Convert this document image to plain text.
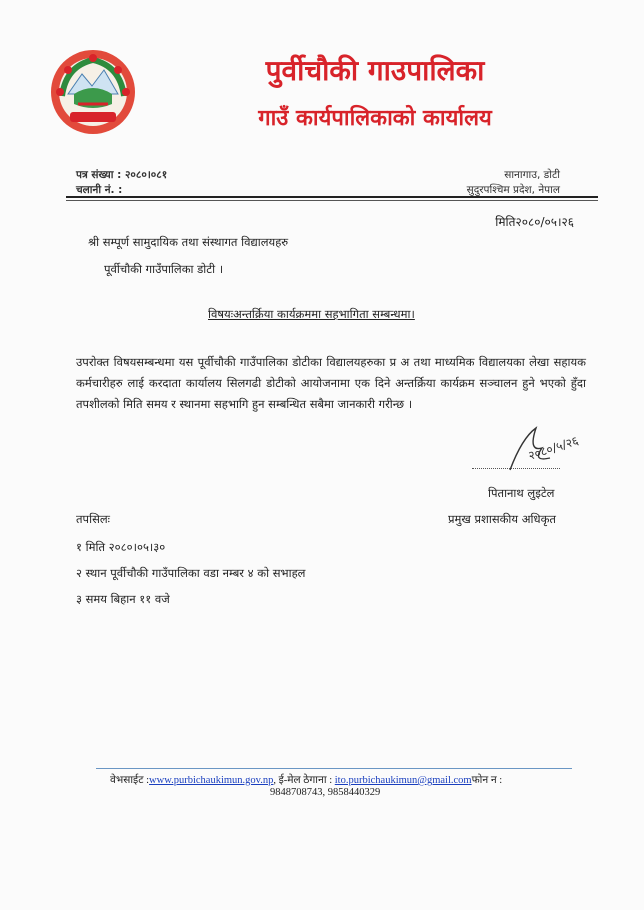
पुर्वीचौकी गाउपालिका
गाउँ कार्यपालिकाको कार्यालय
पत्र संख्या : २०८०।०८१
चलानी नं. :
सानागाउ, डोटी
सुदुरपश्चिम प्रदेश, नेपाल
मिति२०८०/०५।२६
श्री सम्पूर्ण सामुदायिक तथा संस्थागत विद्यालयहरु
पूर्वीचौकी गाउँपालिका डोटी ।
विषयःअन्तर्क्रिया कार्यक्रममा सहभागिता सम्बन्धमा।
उपरोक्त विषयसम्बन्धमा यस पूर्वीचौकी गाउँपालिका डोटीका विद्यालयहरुका प्र अ तथा माध्यमिक विद्यालयका लेखा सहायक कर्मचारीहरु लाई करदाता कार्यालय सिलगढी डोटीको आयोजनामा एक दिने अन्तर्क्रिया कार्यक्रम सञ्चालन हुने भएको हुँदा तपशीलको मिति समय र स्थानमा सहभागि हुन सम्बन्धित सबैमा जानकारी गरीन्छ ।
२०८०/५/२६
पितानाथ लुइटेल
प्रमुख प्रशासकीय अधिकृत
तपसिलः
१ मिति २०८०।०५।३०
२ स्थान पूर्वीचौकी गाउँपालिका वडा नम्बर ४ को सभाहल
३ समय बिहान ११ वजे
वेभसाईट :www.purbichaukimun.gov.np, ई-मेल ठेगाना : ito.purbichaukimun@gmail.comफोन न :
9848708743, 9858440329
